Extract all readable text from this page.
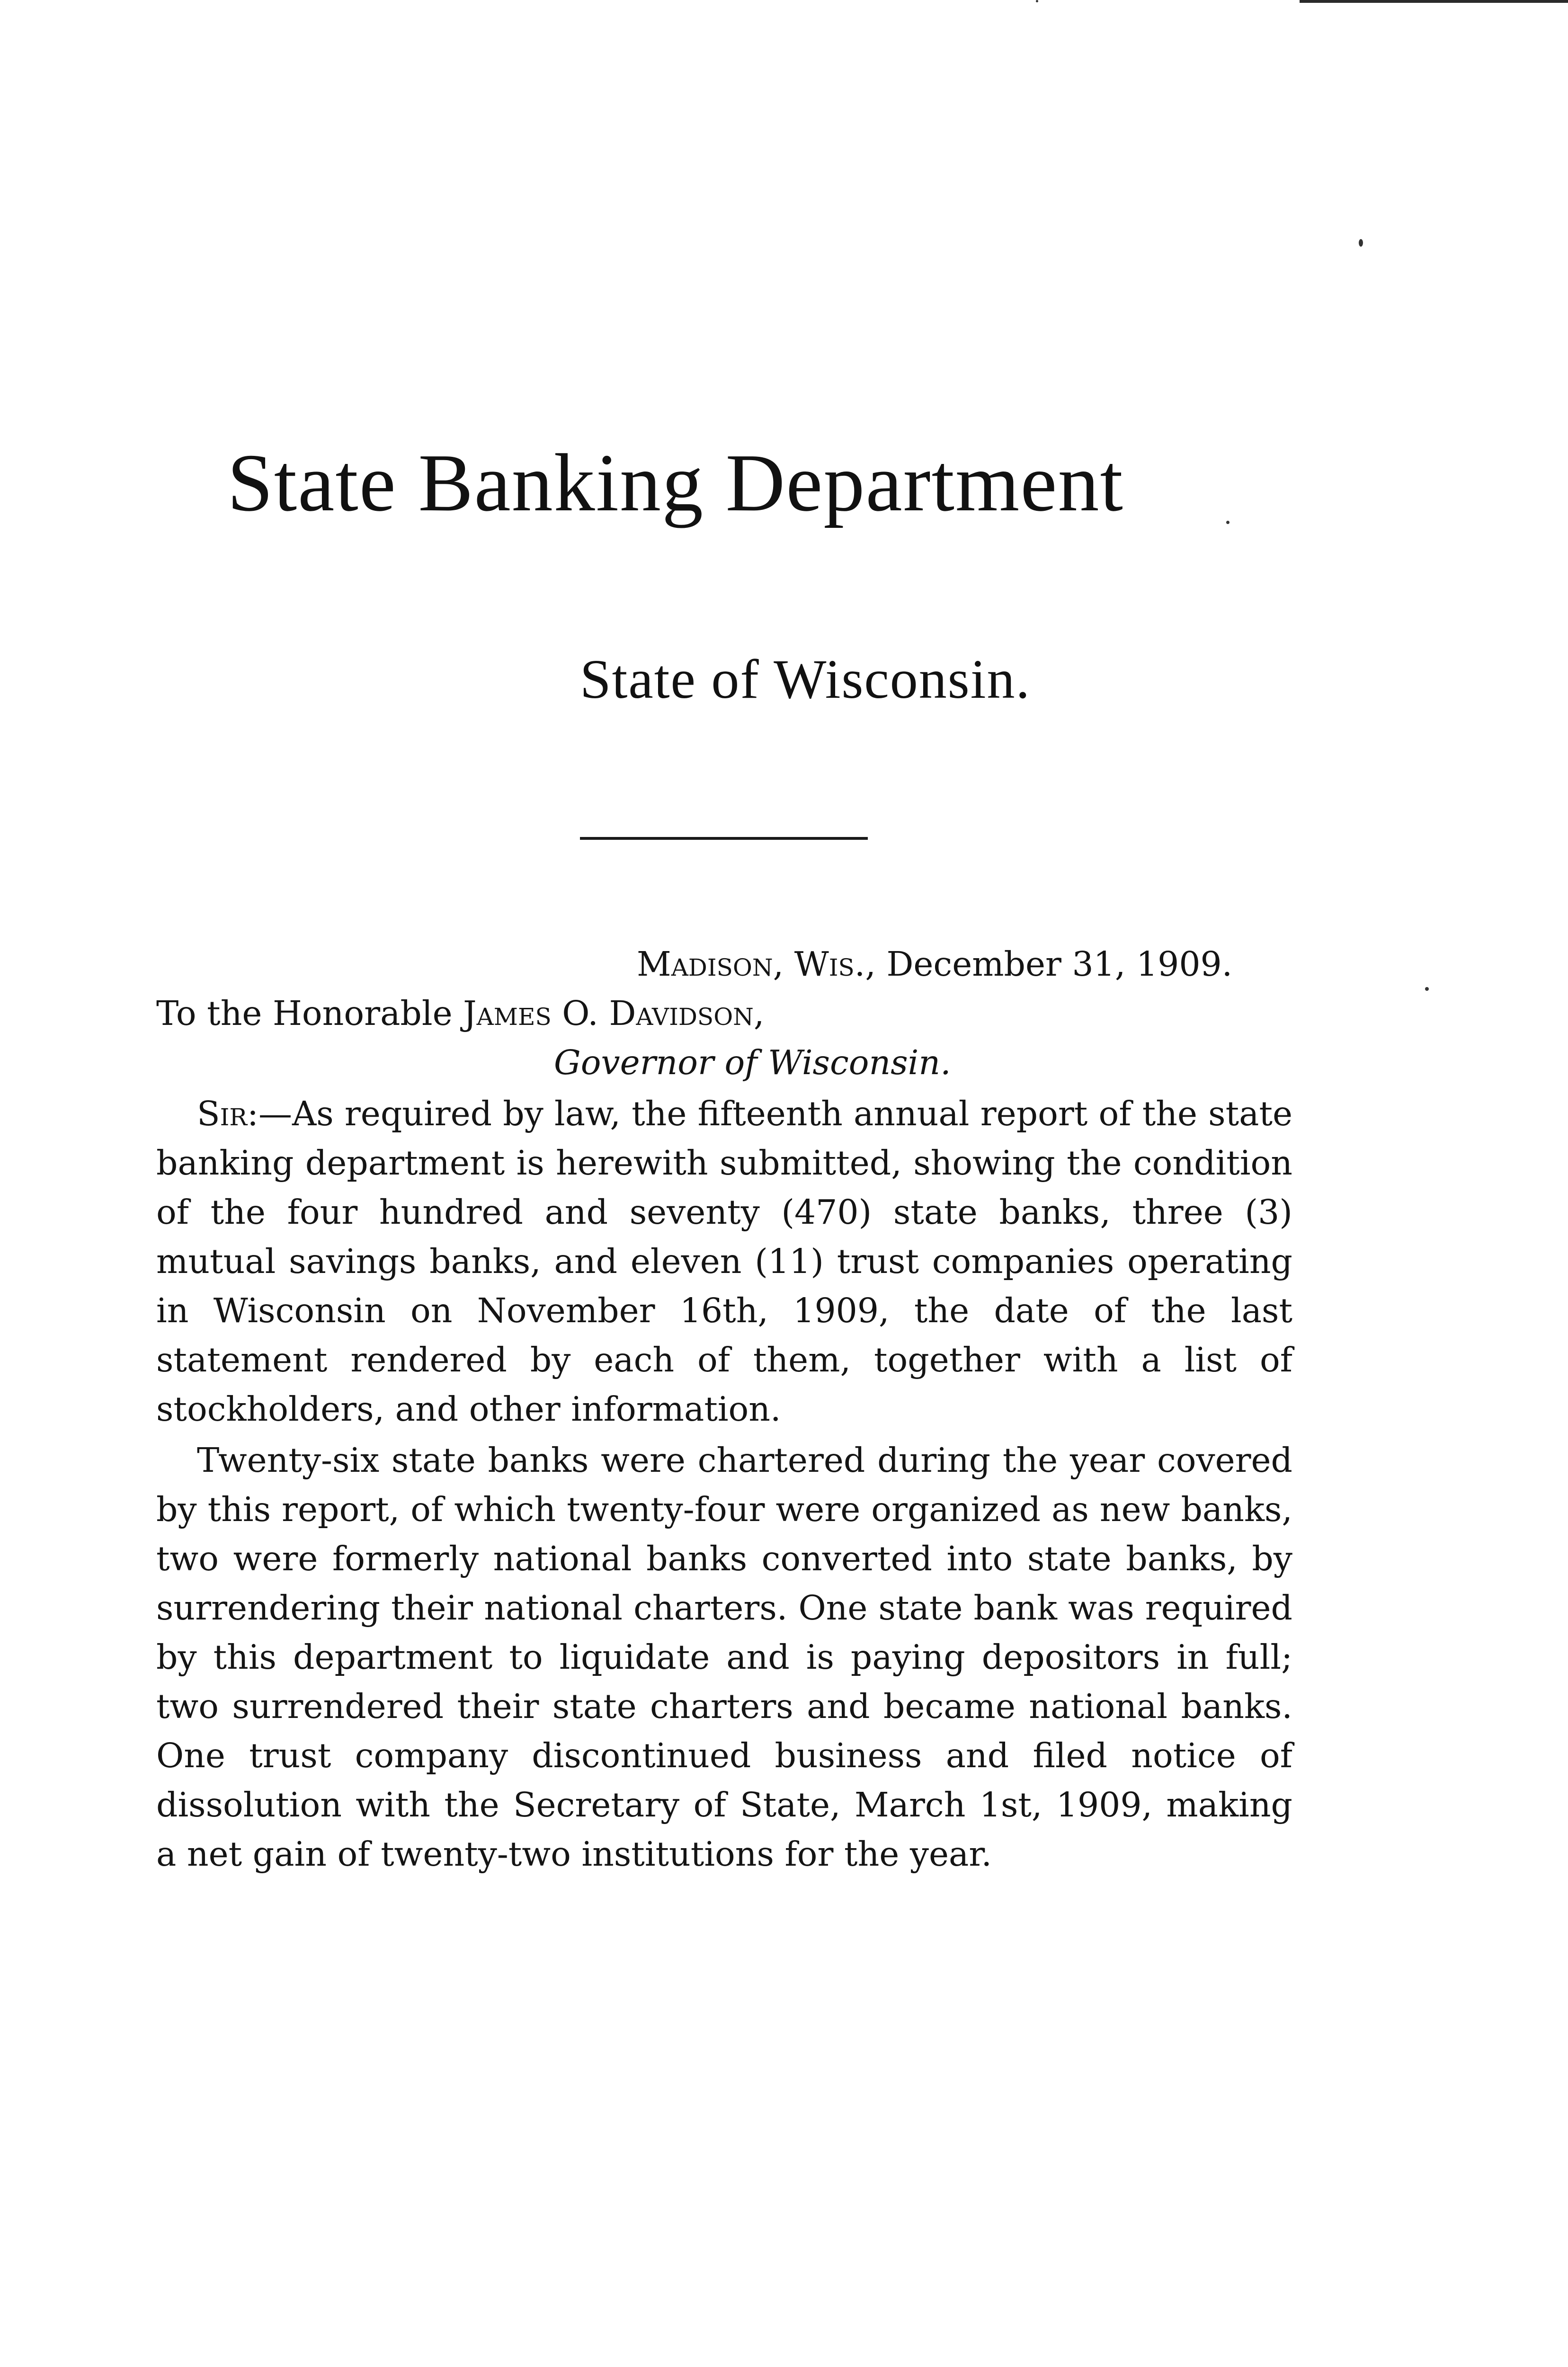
State Banking Department
State of Wisconsin.
Madison, Wis., December 31, 1909.
To the Honorable James O. Davidson,
Governor of Wisconsin.

Sir:—As required by law, the fifteenth annual report of the state banking department is herewith submitted, showing the condition of the four hundred and seventy (470) state banks, three (3) mutual savings banks, and eleven (11) trust companies operating in Wisconsin on November 16th, 1909, the date of the last statement rendered by each of them, together with a list of stockholders, and other information.

Twenty-six state banks were chartered during the year covered by this report, of which twenty-four were organized as new banks, two were formerly national banks converted into state banks, by surrendering their national charters. One state bank was required by this department to liquidate and is paying depositors in full; two surrendered their state charters and became national banks. One trust company discontinued business and filed notice of dissolution with the Secretary of State, March 1st, 1909, making a net gain of twenty-two institutions for the year.
